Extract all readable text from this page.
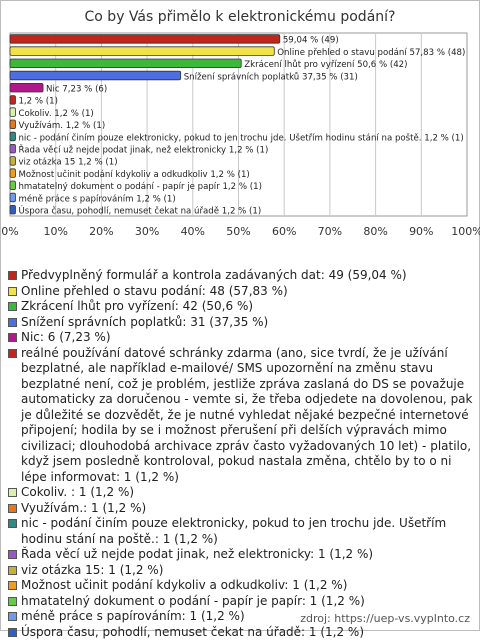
Co by Vás přimělo k elektronickému podání?
0% 10% 20% 30% 40% 50% 60% 70% 80% 90% 100%
59,04 % (49)
Online přehled o stavu podání 57,83 % (48)
Zkrácení lhůt pro vyřízení 50,6 % (42)
Snížení správních poplatků 37,35 % (31)
Nic 7,23 % (6)
1,2 % (1)
Cokoliv. 1,2 % (1)
Využívám. 1,2 % (1)
nic - podání činím pouze elektronicky, pokud to jen trochu jde. Ušetřím hodinu stání na poště. 1,2 % (1)
Řada věcí už nejde podat jinak, než elektronicky 1,2 % (1)
viz otázka 15 1,2 % (1)
Možnost učinit podání kdykoliv a odkudkoliv 1,2 % (1)
hmatatelný dokument o podání - papír je papír 1,2 % (1)
méně práce s papírováním 1,2 % (1)
Úspora času, pohodlí, nemuset čekat na úřadě 1,2 % (1)
Předvyplněný formulář a kontrola zadávaných dat: 49 (59,04 %)
Online přehled o stavu podání: 48 (57,83 %)
Zkrácení lhůt pro vyřízení: 42 (50,6 %)
Snížení správních poplatků: 31 (37,35 %)
Nic: 6 (7,23 %)
reálné používání datové schránky zdarma (ano, sice tvrdí, že je užívání bezplatné, ale například e-mailové/ SMS upozornění na změnu stavu bezplatné není, což je problém, jestliže zpráva zaslaná do DS se považuje automaticky za doručenou - vemte si, že třeba odjedete na dovolenou, pak je důležité se dozvědět, že je nutné vyhledat nějaké bezpečné internetové připojení; hodila by se i možnost přerušení při delších výpravách mimo civilizaci; dlouhodobá archivace zpráv často vyžadovaných 10 let) - platilo, když jsem posledně kontroloval, pokud nastala změna, chtělo by to o ni lépe informovat: 1 (1,2 %)
Cokoliv. : 1 (1,2 %)
Využívám.: 1 (1,2 %)
nic - podání činím pouze elektronicky, pokud to jen trochu jde. Ušetřím hodinu stání na poště.: 1 (1,2 %)
Řada věcí už nejde podat jinak, než elektronicky: 1 (1,2 %)
viz otázka 15: 1 (1,2 %)
Možnost učinit podání kdykoliv a odkudkoliv: 1 (1,2 %)
hmatatelný dokument o podání - papír je papír: 1 (1,2 %)
méně práce s papírováním: 1 (1,2 %)
Úspora času, pohodlí, nemuset čekat na úřadě: 1 (1,2 %)
zdroj: https://uep-vs.vyplnto.cz
